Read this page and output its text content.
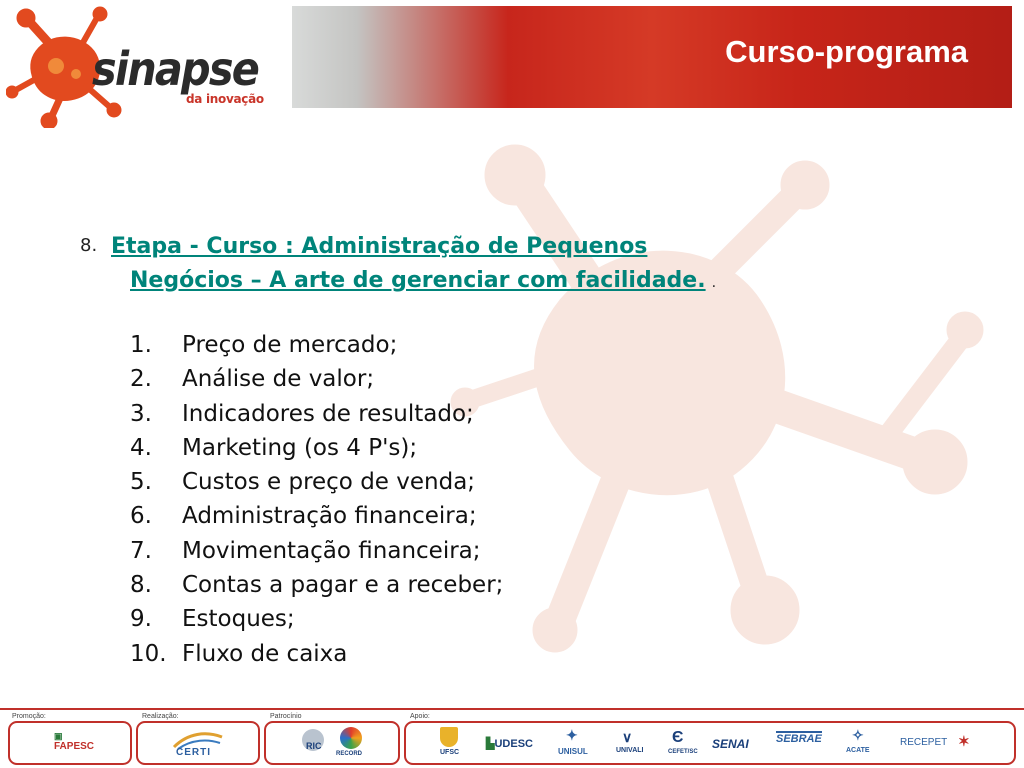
sinapse
da inovação
Curso-programa
8. Etapa - Curso : Administração de Pequenos
Negócios – A arte de gerenciar com facilidade. .
1. Preço de mercado;
2. Análise de valor;
3. Indicadores de resultado;
4. Marketing (os 4 P's);
5. Custos e preço de venda;
6. Administração financeira;
7. Movimentação financeira;
8. Contas a pagar e a receber;
9. Estoques;
10. Fluxo de caixa
Promoção:	Realização:	Patrocínio	Apoio:
▣
FAPESC
CERTI
RIC
RECORD	UFSC
▙UDESC
✦
UNISUL
∨
UNIVALI
Є
CEFET/SC
SENAI SEBRAE ✧
ACATE
RECEPET ✶
